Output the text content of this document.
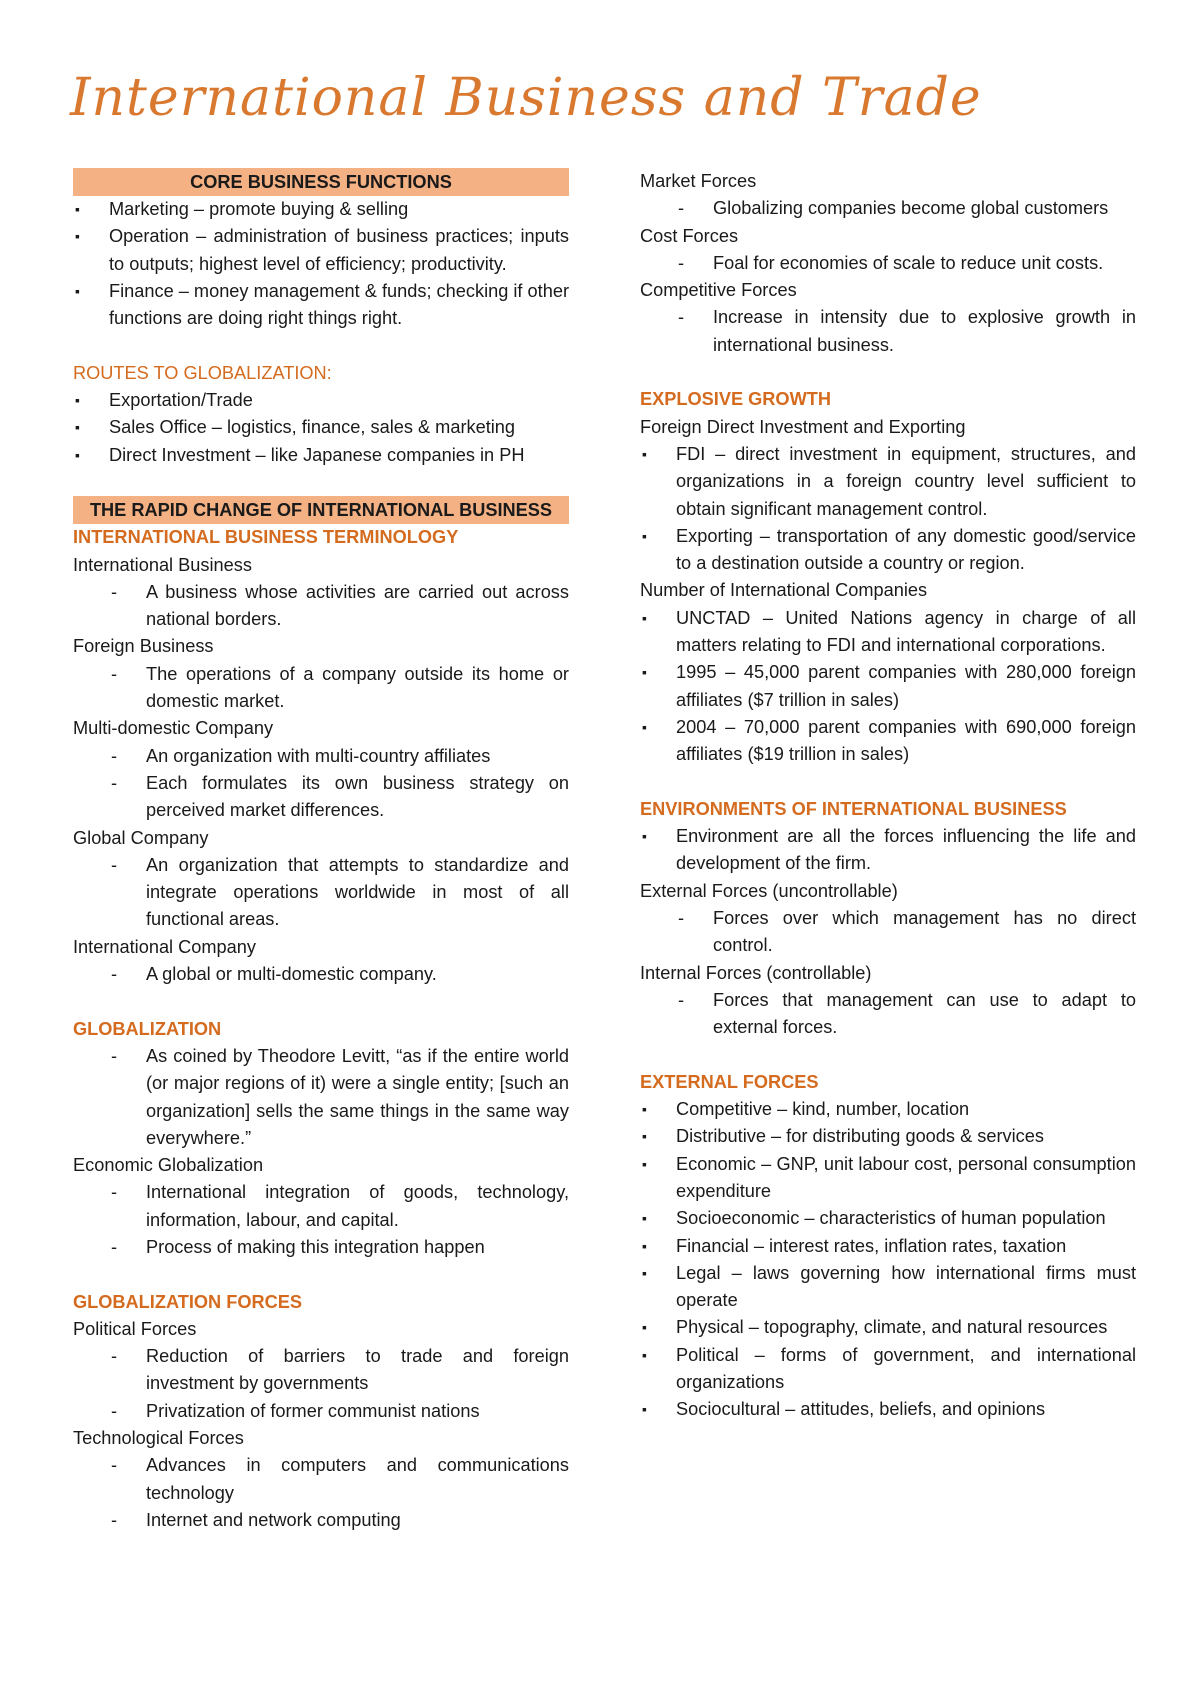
International Business and Trade
CORE BUSINESS FUNCTIONS
▪ Marketing – promote buying & selling
▪ Operation – administration of business practices; inputs to outputs; highest level of efficiency; productivity.
▪ Finance – money management & funds; checking if other functions are doing right things right.
ROUTES TO GLOBALIZATION:
▪ Exportation/Trade
▪ Sales Office – logistics, finance, sales & marketing
▪ Direct Investment – like Japanese companies in PH
THE RAPID CHANGE OF INTERNATIONAL BUSINESS
INTERNATIONAL BUSINESS TERMINOLOGY
International Business
- A business whose activities are carried out across national borders.
Foreign Business
- The operations of a company outside its home or domestic market.
Multi-domestic Company
- An organization with multi-country affiliates
- Each formulates its own business strategy on perceived market differences.
Global Company
- An organization that attempts to standardize and integrate operations worldwide in most of all functional areas.
International Company
- A global or multi-domestic company.
GLOBALIZATION
- As coined by Theodore Levitt, “as if the entire world (or major regions of it) were a single entity; [such an organization] sells the same things in the same way everywhere.”
Economic Globalization
- International integration of goods, technology, information, labour, and capital.
- Process of making this integration happen
GLOBALIZATION FORCES
Political Forces
- Reduction of barriers to trade and foreign investment by governments
- Privatization of former communist nations
Technological Forces
- Advances in computers and communications technology
- Internet and network computing
Market Forces
- Globalizing companies become global customers
Cost Forces
- Foal for economies of scale to reduce unit costs.
Competitive Forces
- Increase in intensity due to explosive growth in international business.
EXPLOSIVE GROWTH
Foreign Direct Investment and Exporting
▪ FDI – direct investment in equipment, structures, and organizations in a foreign country level sufficient to obtain significant management control.
▪ Exporting – transportation of any domestic good/service to a destination outside a country or region.
Number of International Companies
▪ UNCTAD – United Nations agency in charge of all matters relating to FDI and international corporations.
▪ 1995 – 45,000 parent companies with 280,000 foreign affiliates ($7 trillion in sales)
▪ 2004 – 70,000 parent companies with 690,000 foreign affiliates ($19 trillion in sales)
ENVIRONMENTS OF INTERNATIONAL BUSINESS
▪ Environment are all the forces influencing the life and development of the firm.
External Forces (uncontrollable)
- Forces over which management has no direct control.
Internal Forces (controllable)
- Forces that management can use to adapt to external forces.
EXTERNAL FORCES
▪ Competitive – kind, number, location
▪ Distributive – for distributing goods & services
▪ Economic – GNP, unit labour cost, personal consumption expenditure
▪ Socioeconomic – characteristics of human population
▪ Financial – interest rates, inflation rates, taxation
▪ Legal – laws governing how international firms must operate
▪ Physical – topography, climate, and natural resources
▪ Political – forms of government, and international organizations
▪ Sociocultural – attitudes, beliefs, and opinions
